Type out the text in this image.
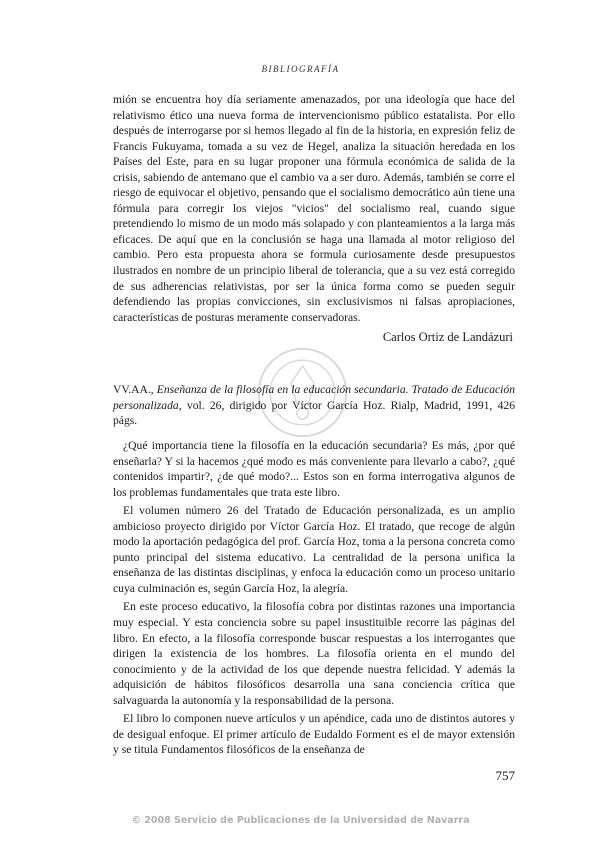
BIBLIOGRAFÍA

mión se encuentra hoy día seriamente amenazados, por una ideología que hace del relativismo ético una nueva forma de intervencionismo público estatalista. Por ello después de interrogarse por si hemos llegado al fin de la historia, en expresión feliz de Francis Fukuyama, tomada a su vez de Hegel, analiza la situación heredada en los Países del Este, para en su lugar proponer una fórmula económica de salida de la crisis, sabiendo de antemano que el cambio va a ser duro. Además, también se corre el riesgo de equivocar el objetivo, pensando que el socialismo democrático aún tiene una fórmula para corregir los viejos "vicios" del socialismo real, cuando sigue pretendiendo lo mismo de un modo más solapado y con planteamientos a la larga más eficaces. De aquí que en la conclusión se haga una llamada al motor religioso del cambio. Pero esta propuesta ahora se formula curiosamente desde presupuestos ilustrados en nombre de un principio liberal de tolerancia, que a su vez está corregido de sus adherencias relativistas, por ser la única forma como se pueden seguir defendiendo las propias convicciones, sin exclusivismos ni falsas apropiaciones, características de posturas meramente conservadoras.

Carlos Ortiz de Landázuri

VV.AA., Enseñanza de la filosofía en la educación secundaria. Tratado de Educación personalizada, vol. 26, dirigido por Víctor García Hoz. Rialp, Madrid, 1991, 426 págs.

¿Qué importancia tiene la filosofía en la educación secundaria? Es más, ¿por qué enseñarla? Y si la hacemos ¿qué modo es más conveniente para llevarlo a cabo?, ¿qué contenidos impartir?, ¿de qué modo?... Estos son en forma interrogativa algunos de los problemas fundamentales que trata este libro.

El volumen número 26 del Tratado de Educación personalizada, es un amplio ambicioso proyecto dirigido por Víctor García Hoz. El tratado, que recoge de algún modo la aportación pedagógica del prof. García Hoz, toma a la persona concreta como punto principal del sistema educativo. La centralidad de la persona unifica la enseñanza de las distintas disciplinas, y enfoca la educación como un proceso unitario cuya culminación es, según García Hoz, la alegría.

En este proceso educativo, la filosofía cobra por distintas razones una importancia muy especial. Y esta conciencia sobre su papel insustituible recorre las páginas del libro. En efecto, a la filosofía corresponde buscar respuestas a los interrogantes que dirigen la existencia de los hombres. La filosofía orienta en el mundo del conocimiento y de la actividad de los que depende nuestra felicidad. Y además la adquisición de hábitos filosóficos desarrolla una sana conciencia crítica que salvaguarda la autonomía y la responsabilidad de la persona.

El libro lo componen nueve artículos y un apéndice, cada uno de distintos autores y de desigual enfoque. El primer artículo de Eudaldo Forment es el de mayor extensión y se titula Fundamentos filosóficos de la enseñanza de

757
© 2008 Servicio de Publicaciones de la Universidad de Navarra
